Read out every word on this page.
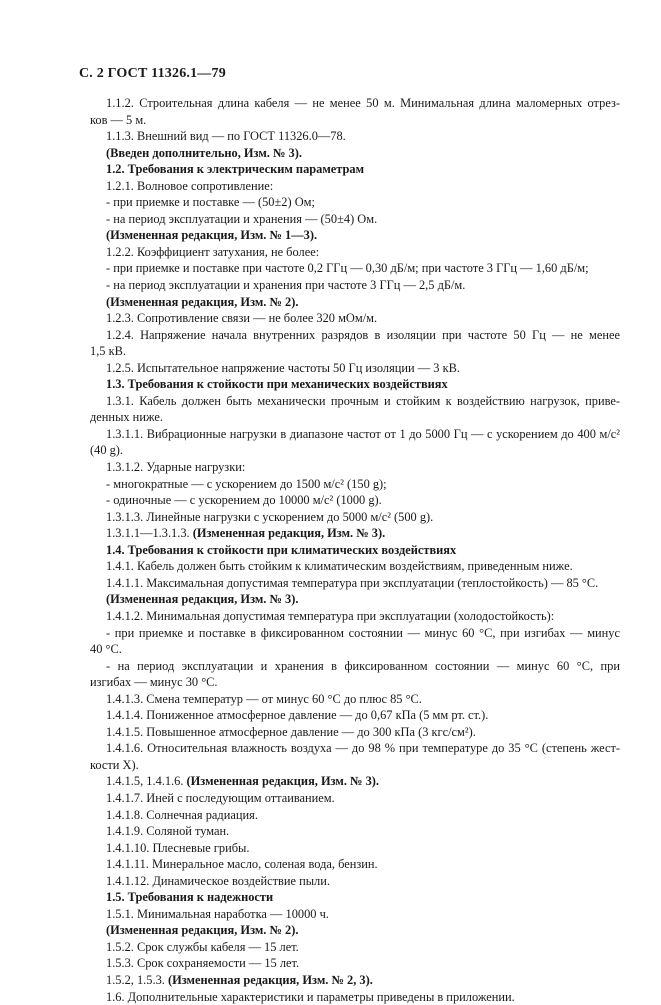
С. 2 ГОСТ 11326.1—79
1.1.2. Строительная длина кабеля — не менее 50 м. Минимальная длина маломерных отрез-
ков — 5 м.
1.1.3. Внешний вид — по ГОСТ 11326.0—78.
(Введен дополнительно, Изм. № 3).
1.2. Требования к электрическим параметрам
1.2.1. Волновое сопротивление:
- при приемке и поставке — (50±2) Ом;
- на период эксплуатации и хранения — (50±4) Ом.
(Измененная редакция, Изм. № 1—3).
1.2.2. Коэффициент затухания, не более:
- при приемке и поставке при частоте 0,2 ГГц — 0,30 дБ/м; при частоте 3 ГГц — 1,60 дБ/м;
- на период эксплуатации и хранения при частоте 3 ГГц — 2,5 дБ/м.
(Измененная редакция, Изм. № 2).
1.2.3. Сопротивление связи — не более 320 мОм/м.
1.2.4. Напряжение начала внутренних разрядов в изоляции при частоте 50 Гц — не менее
1,5 кВ.
1.2.5. Испытательное напряжение частоты 50 Гц изоляции — 3 кВ.
1.3. Требования к стойкости при механических воздействиях
1.3.1. Кабель должен быть механически прочным и стойким к воздействию нагрузок, приве-
денных ниже.
1.3.1.1. Вибрационные нагрузки в диапазоне частот от 1 до 5000 Гц — с ускорением до 400 м/с²
(40 g).
1.3.1.2. Ударные нагрузки:
- многократные — с ускорением до 1500 м/с² (150 g);
- одиночные — с ускорением до 10000 м/с² (1000 g).
1.3.1.3. Линейные нагрузки с ускорением до 5000 м/с² (500 g).
1.3.1.1—1.3.1.3. (Измененная редакция, Изм. № 3).
1.4. Требования к стойкости при климатических воздействиях
1.4.1. Кабель должен быть стойким к климатическим воздействиям, приведенным ниже.
1.4.1.1. Максимальная допустимая температура при эксплуатации (теплостойкость) — 85 °С.
(Измененная редакция, Изм. № 3).
1.4.1.2. Минимальная допустимая температура при эксплуатации (холодостойкость):
- при приемке и поставке в фиксированном состоянии — минус 60 °С, при изгибах — минус
40 °С.
- на период эксплуатации и хранения в фиксированном состоянии — минус 60 °С, при
изгибах — минус 30 °С.
1.4.1.3. Смена температур — от минус 60 °С до плюс 85 °С.
1.4.1.4. Пониженное атмосферное давление — до 0,67 кПа (5 мм рт. ст.).
1.4.1.5. Повышенное атмосферное давление — до 300 кПа (3 кгс/см²).
1.4.1.6. Относительная влажность воздуха — до 98 % при температуре до 35 °С (степень жест-
кости X).
1.4.1.5, 1.4.1.6. (Измененная редакция, Изм. № 3).
1.4.1.7. Иней с последующим оттаиванием.
1.4.1.8. Солнечная радиация.
1.4.1.9. Соляной туман.
1.4.1.10. Плесневые грибы.
1.4.1.11. Минеральное масло, соленая вода, бензин.
1.4.1.12. Динамическое воздействие пыли.
1.5. Требования к надежности
1.5.1. Минимальная наработка — 10000 ч.
(Измененная редакция, Изм. № 2).
1.5.2. Срок службы кабеля — 15 лет.
1.5.3. Срок сохраняемости — 15 лет.
1.5.2, 1.5.3. (Измененная редакция, Изм. № 2, 3).
1.6. Дополнительные характеристики и параметры приведены в приложении.
